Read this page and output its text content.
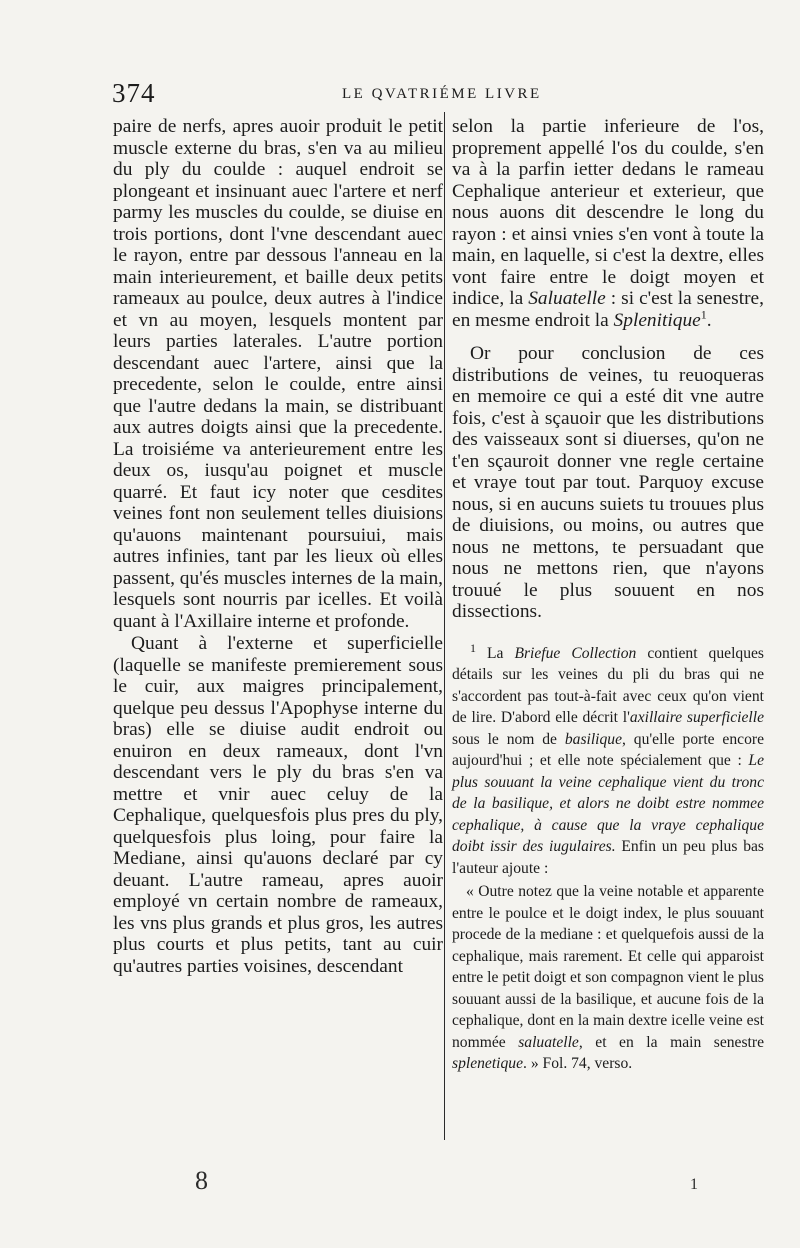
374	LE QVATRIÉME LIVRE

paire de nerfs, apres auoir produit le petit muscle externe du bras, s'en va au milieu du ply du coulde : auquel endroit se plongeant et insinuant auec l'artere et nerf parmy les muscles du coulde, se diuise en trois portions, dont l'vne descendant auec le rayon, entre par dessous l'anneau en la main interieurement, et baille deux petits rameaux au poulce, deux autres à l'indice et vn au moyen, lesquels montent par leurs parties laterales. L'autre portion descendant auec l'artere, ainsi que la precedente, selon le coulde, entre ainsi que l'autre dedans la main, se distribuant aux autres doigts ainsi que la precedente. La troisiéme va anterieurement entre les deux os, iusqu'au poignet et muscle quarré. Et faut icy noter que cesdites veines font non seulement telles diuisions qu'auons maintenant poursuiui, mais autres infinies, tant par les lieux où elles passent, qu'és muscles internes de la main, lesquels sont nourris par icelles. Et voilà quant à l'Axillaire interne et profonde.

Quant à l'externe et superficielle (laquelle se manifeste premierement sous le cuir, aux maigres principalement, quelque peu dessus l'Apophyse interne du bras) elle se diuise audit endroit ou enuiron en deux rameaux, dont l'vn descendant vers le ply du bras s'en va mettre et vnir auec celuy de la Cephalique, quelquesfois plus pres du ply, quelquesfois plus loing, pour faire la Mediane, ainsi qu'auons declaré par cy deuant. L'autre rameau, apres auoir employé vn certain nombre de rameaux, les vns plus grands et plus gros, les autres plus courts et plus petits, tant au cuir qu'autres parties voisines, descendant

selon la partie inferieure de l'os, proprement appellé l'os du coulde, s'en va à la parfin ietter dedans le rameau Cephalique anterieur et exterieur, que nous auons dit descendre le long du rayon : et ainsi vnies s'en vont à toute la main, en laquelle, si c'est la dextre, elles vont faire entre le doigt moyen et indice, la Saluatelle : si c'est la senestre, en mesme endroit la Splenitique$^1$.

Or pour conclusion de ces distributions de veines, tu reuoqueras en memoire ce qui a esté dit vne autre fois, c'est à sçauoir que les distributions des vaisseaux sont si diuerses, qu'on ne t'en sçauroit donner vne regle certaine et vraye tout par tout. Parquoy excuse nous, si en aucuns suiets tu trouues plus de diuisions, ou moins, ou autres que nous ne mettons, te persuadant que nous ne mettons rien, que n'ayons trouué le plus souuent en nos dissections.

$^1$ La Briefue Collection contient quelques détails sur les veines du pli du bras qui ne s'accordent pas tout-à-fait avec ceux qu'on vient de lire. D'abord elle décrit l'axillaire superficielle sous le nom de basilique, qu'elle porte encore aujourd'hui ; et elle note spécialement que : Le plus souuant la veine cephalique vient du tronc de la basilique, et alors ne doibt estre nommee cephalique, à cause que la vraye cephalique doibt issir des iugulaires. Enfin un peu plus bas l'auteur ajoute :

« Outre notez que la veine notable et apparente entre le poulce et le doigt index, le plus souuant procede de la mediane : et quelquefois aussi de la cephalique, mais rarement. Et celle qui apparoist entre le petit doigt et son compagnon vient le plus souuant aussi de la basilique, et aucune fois de la cephalique, dont en la main dextre icelle veine est nommée saluatelle, et en la main senestre splenetique. » Fol. 74, verso.

8	1
